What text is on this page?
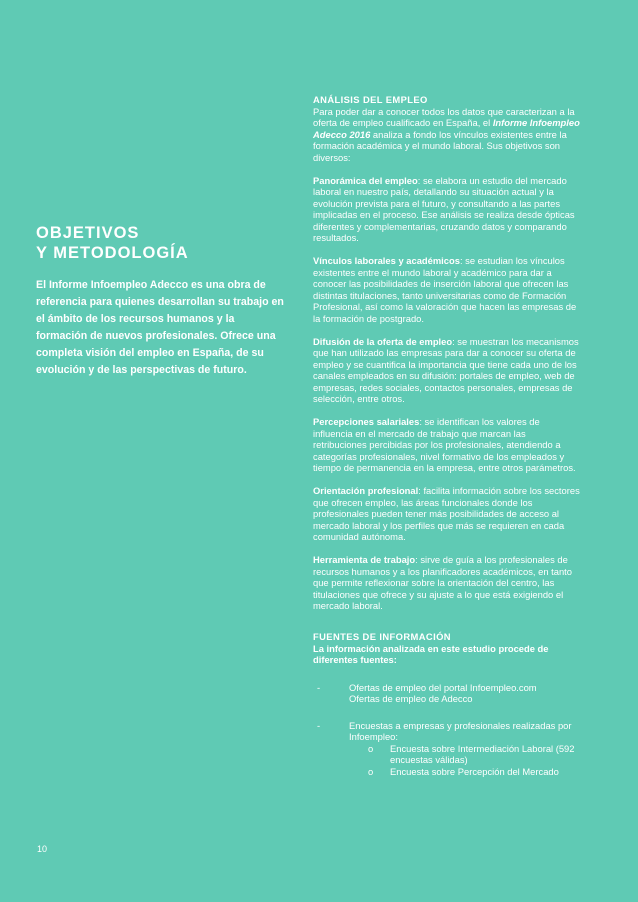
OBJETIVOS
Y METODOLOGÍA

El Informe Infoempleo Adecco es una obra de referencia para quienes desarrollan su trabajo en el ámbito de los recursos humanos y la formación de nuevos profesionales. Ofrece una completa visión del empleo en España, de su evolución y de las perspectivas de futuro.

ANÁLISIS DEL EMPLEO

Para poder dar a conocer todos los datos que caracterizan a la oferta de empleo cualificado en España, el Informe Infoempleo Adecco 2016 analiza a fondo los vínculos existentes entre la formación académica y el mundo laboral. Sus objetivos son diversos:

Panorámica del empleo: se elabora un estudio del mercado laboral en nuestro país, detallando su situación actual y la evolución prevista para el futuro, y consultando a las partes implicadas en el proceso. Ese análisis se realiza desde ópticas diferentes y complementarias, cruzando datos y comparando resultados.

Vínculos laborales y académicos: se estudian los vínculos existentes entre el mundo laboral y académico para dar a conocer las posibilidades de inserción laboral que ofrecen las distintas titulaciones, tanto universitarias como de Formación Profesional, así como la valoración que hacen las empresas de la formación de postgrado.

Difusión de la oferta de empleo: se muestran los mecanismos que han utilizado las empresas para dar a conocer su oferta de empleo y se cuantifica la importancia que tiene cada uno de los canales empleados en su difusión: portales de empleo, web de empresas, redes sociales, contactos personales, empresas de selección, entre otros.

Percepciones salariales: se identifican los valores de influencia en el mercado de trabajo que marcan las retribuciones percibidas por los profesionales, atendiendo a categorías profesionales, nivel formativo de los empleados y tiempo de permanencia en la empresa, entre otros parámetros.

Orientación profesional: facilita información sobre los sectores que ofrecen empleo, las áreas funcionales donde los profesionales pueden tener más posibilidades de acceso al mercado laboral y los perfiles que más se requieren en cada comunidad autónoma.

Herramienta de trabajo: sirve de guía a los profesionales de recursos humanos y a los planificadores académicos, en tanto que permite reflexionar sobre la orientación del centro, las titulaciones que ofrece y su ajuste a lo que está exigiendo el mercado laboral.

FUENTES DE INFORMACIÓN

La información analizada en este estudio procede de diferentes fuentes:

-	Ofertas de empleo del portal Infoempleo.com
Ofertas de empleo de Adecco
-	Encuestas a empresas y profesionales realizadas por Infoempleo:
o Encuesta sobre Intermediación Laboral (592 encuestas válidas)
o Encuesta sobre Percepción del Mercado
10
